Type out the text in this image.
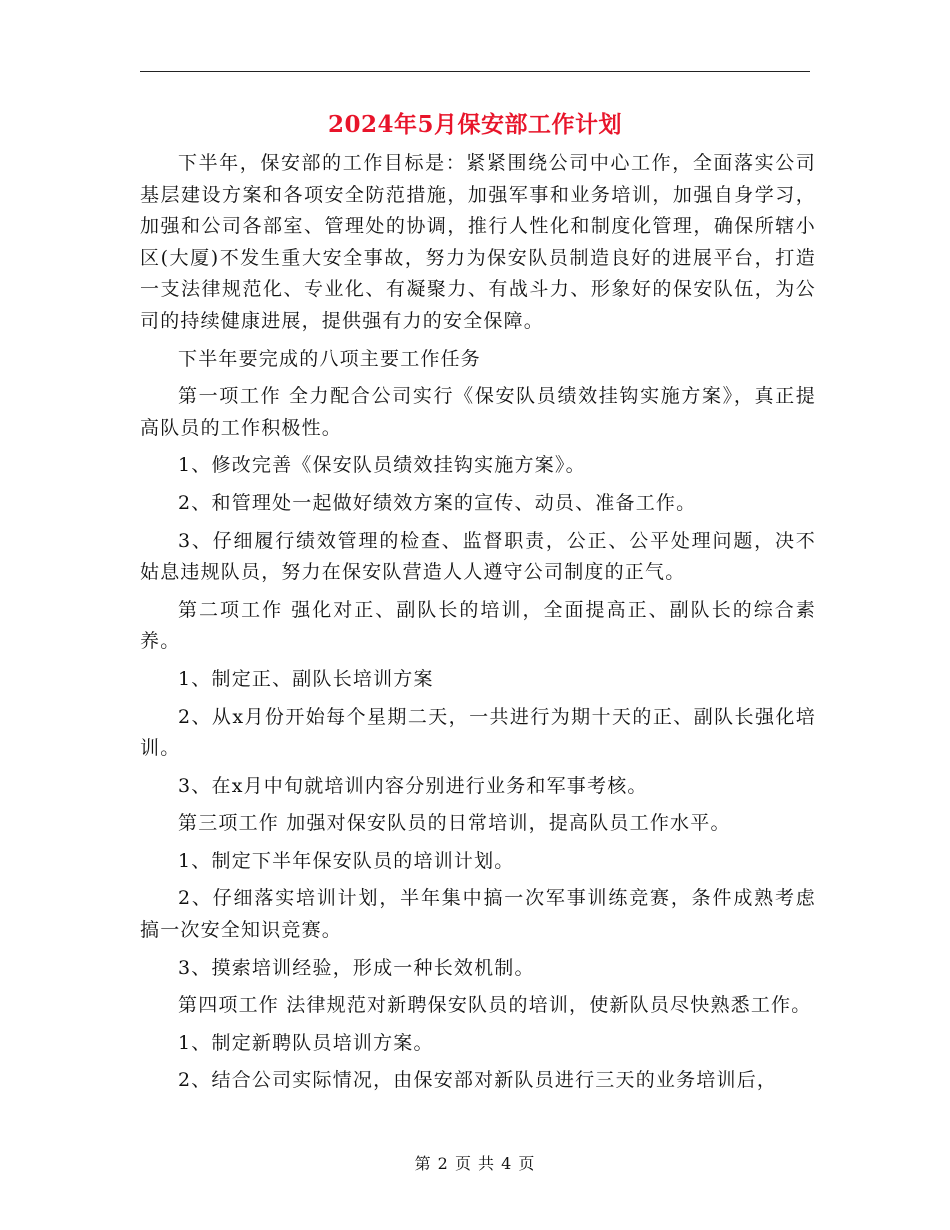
2024年5月保安部工作计划

下半年，保安部的工作目标是：紧紧围绕公司中心工作，全面落实公司基层建设方案和各项安全防范措施，加强军事和业务培训，加强自身学习，加强和公司各部室、管理处的协调，推行人性化和制度化管理，确保所辖小区(大厦)不发生重大安全事故，努力为保安队员制造良好的进展平台，打造一支法律规范化、专业化、有凝聚力、有战斗力、形象好的保安队伍，为公司的持续健康进展，提供强有力的安全保障。

下半年要完成的八项主要工作任务

第一项工作 全力配合公司实行《保安队员绩效挂钩实施方案》，真正提高队员的工作积极性。

1、修改完善《保安队员绩效挂钩实施方案》。

2、和管理处一起做好绩效方案的宣传、动员、准备工作。

3、仔细履行绩效管理的检查、监督职责，公正、公平处理问题，决不姑息违规队员，努力在保安队营造人人遵守公司制度的正气。

第二项工作 强化对正、副队长的培训，全面提高正、副队长的综合素养。

1、制定正、副队长培训方案

2、从x月份开始每个星期二天，一共进行为期十天的正、副队长强化培训。

3、在x月中旬就培训内容分别进行业务和军事考核。

第三项工作 加强对保安队员的日常培训，提高队员工作水平。

1、制定下半年保安队员的培训计划。

2、仔细落实培训计划，半年集中搞一次军事训练竞赛，条件成熟考虑搞一次安全知识竞赛。

3、摸索培训经验，形成一种长效机制。

第四项工作 法律规范对新聘保安队员的培训，使新队员尽快熟悉工作。

1、制定新聘队员培训方案。

2、结合公司实际情况，由保安部对新队员进行三天的业务培训后，

第 2 页 共 4 页
